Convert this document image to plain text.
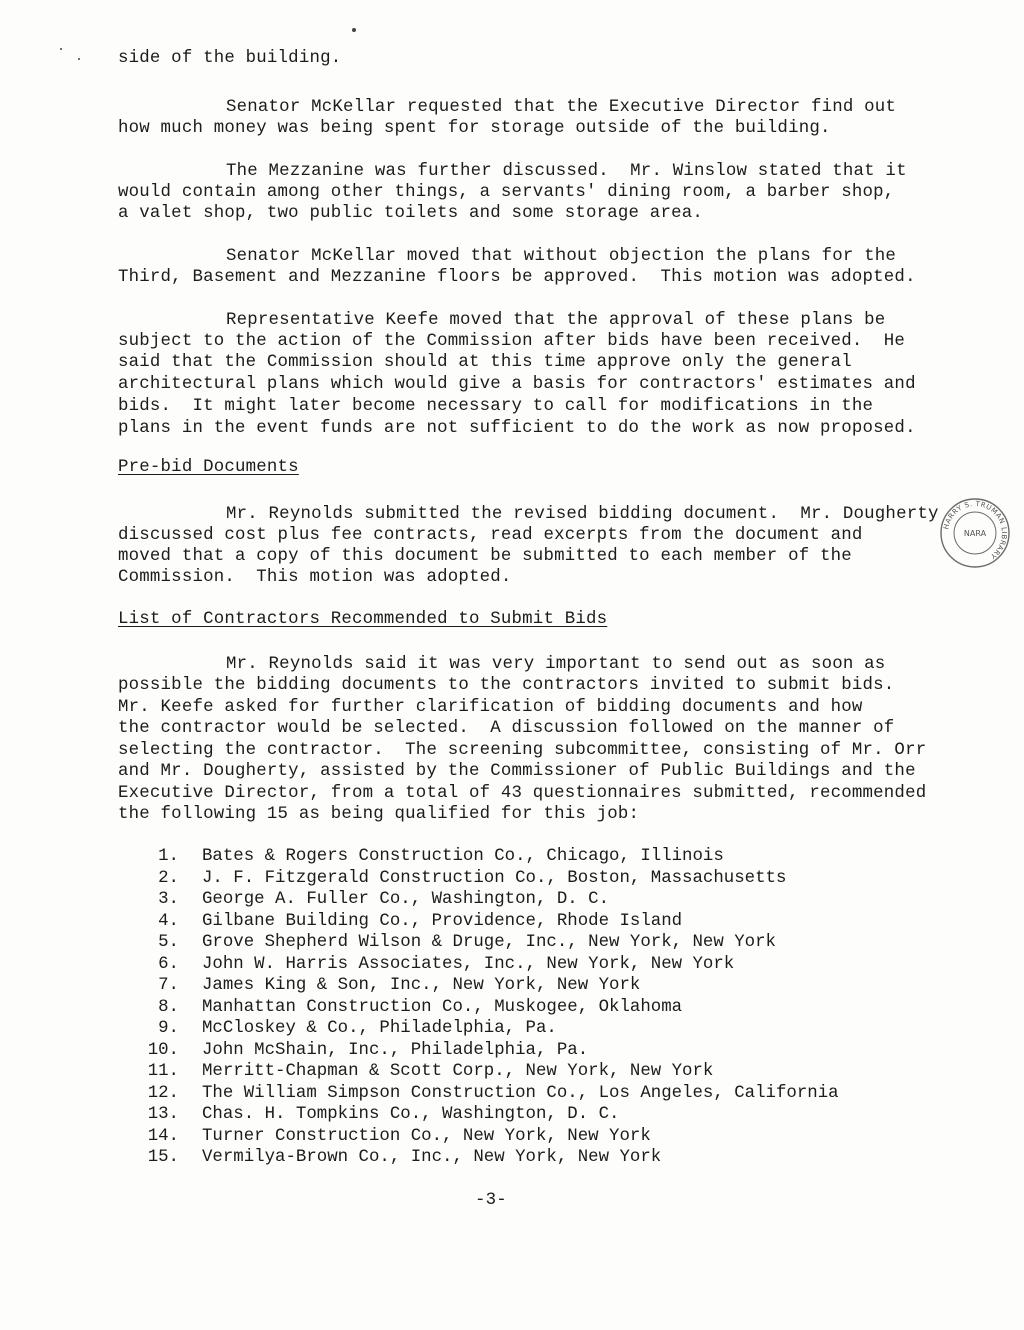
side of the building.
Senator McKellar requested that the Executive Director find out
how much money was being spent for storage outside of the building.
The Mezzanine was further discussed.  Mr. Winslow stated that it
would contain among other things, a servants' dining room, a barber shop,
a valet shop, two public toilets and some storage area.
Senator McKellar moved that without objection the plans for the
Third, Basement and Mezzanine floors be approved.  This motion was adopted.
Representative Keefe moved that the approval of these plans be
subject to the action of the Commission after bids have been received.  He
said that the Commission should at this time approve only the general
architectural plans which would give a basis for contractors' estimates and
bids.  It might later become necessary to call for modifications in the
plans in the event funds are not sufficient to do the work as now proposed.
Pre-bid Documents
Mr. Reynolds submitted the revised bidding document.  Mr. Dougherty
discussed cost plus fee contracts, read excerpts from the document and
moved that a copy of this document be submitted to each member of the
Commission.  This motion was adopted.
List of Contractors Recommended to Submit Bids
Mr. Reynolds said it was very important to send out as soon as
possible the bidding documents to the contractors invited to submit bids.
Mr. Keefe asked for further clarification of bidding documents and how
the contractor would be selected.  A discussion followed on the manner of
selecting the contractor.  The screening subcommittee, consisting of Mr. Orr
and Mr. Dougherty, assisted by the Commissioner of Public Buildings and the
Executive Director, from a total of 43 questionnaires submitted, recommended
the following 15 as being qualified for this job:
1. Bates & Rogers Construction Co., Chicago, Illinois
2. J. F. Fitzgerald Construction Co., Boston, Massachusetts
3. George A. Fuller Co., Washington, D. C.
4. Gilbane Building Co., Providence, Rhode Island
5. Grove Shepherd Wilson & Druge, Inc., New York, New York
6. John W. Harris Associates, Inc., New York, New York
7. James King & Son, Inc., New York, New York
8. Manhattan Construction Co., Muskogee, Oklahoma
9. McCloskey & Co., Philadelphia, Pa.
10. John McShain, Inc., Philadelphia, Pa.
11. Merritt-Chapman & Scott Corp., New York, New York
12. The William Simpson Construction Co., Los Angeles, California
13. Chas. H. Tompkins Co., Washington, D. C.
14. Turner Construction Co., New York, New York
15. Vermilya-Brown Co., Inc., New York, New York
-3-
HARRY S. TRUMAN LIBRARY
NARA
